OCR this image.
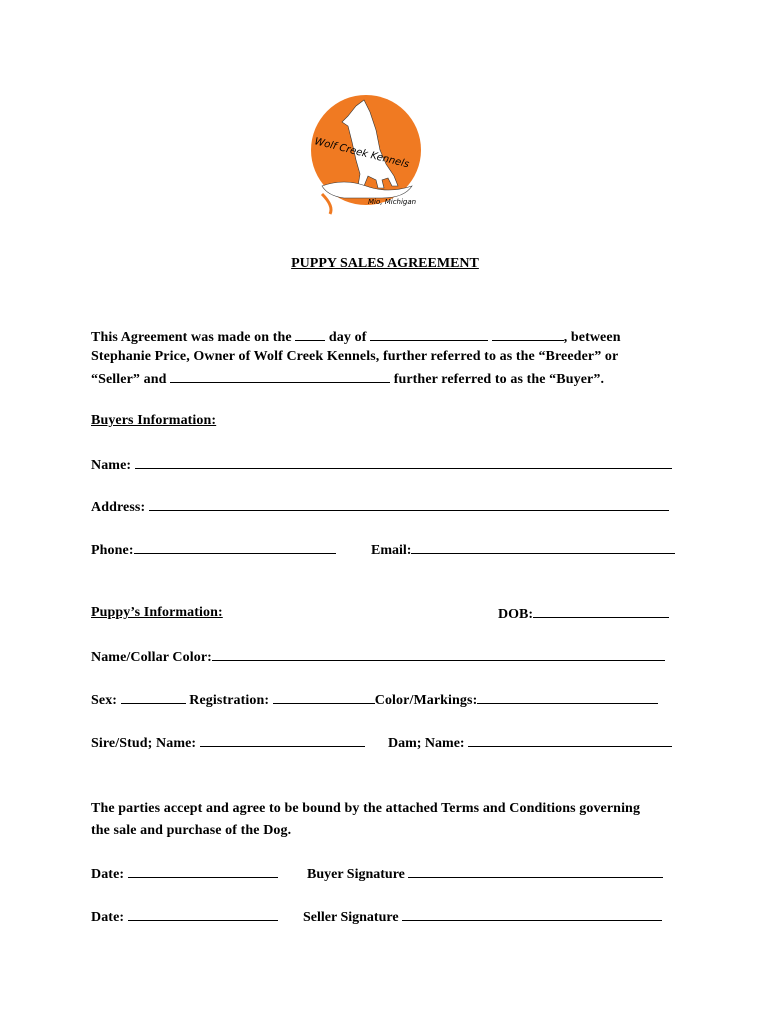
Wolf Creek Kennels
Mio, Michigan
PUPPY SALES AGREEMENT
This Agreement was made on the	day of	, between
Stephanie Price, Owner of Wolf Creek Kennels, further referred to as the “Breeder” or
“Seller” and	further referred to as the “Buyer”.
Buyers Information:
Name:
Address:
Phone:	Email:
Puppy’s Information:	DOB:
Name/Collar Color:
Sex:	Registration:	Color/Markings:
Sire/Stud; Name:	Dam; Name:
The parties accept and agree to be bound by the attached Terms and Conditions governing
the sale and purchase of the Dog.
Date:	Buyer Signature
Date:	Seller Signature
